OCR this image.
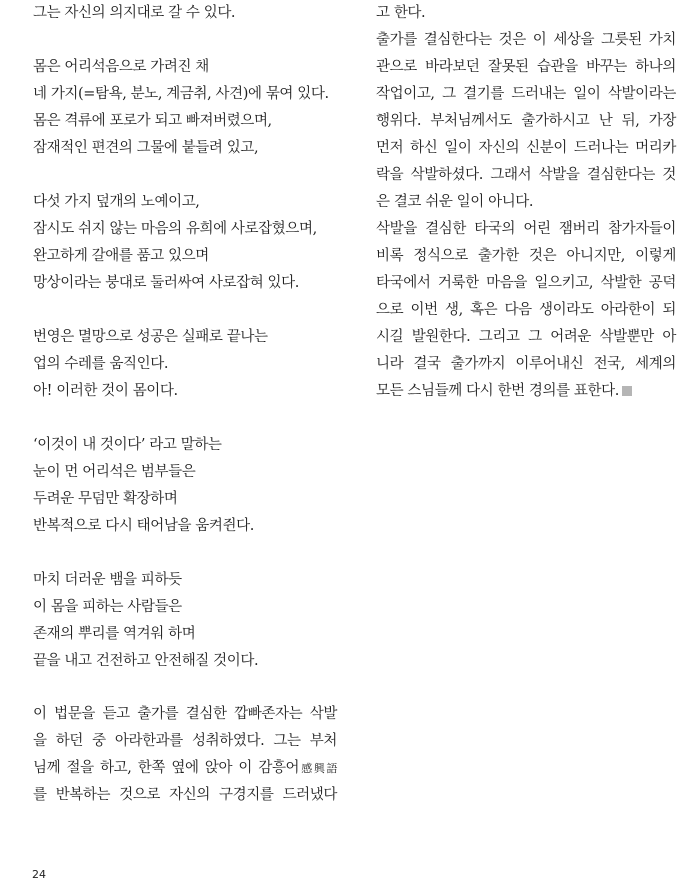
그는 자신의 의지대로 갈 수 있다.
몸은 어리석음으로 가려진 채
네 가지(=탐욕, 분노, 계금취, 사견)에 묶여 있다.
몸은 격류에 포로가 되고 빠져버렸으며,
잠재적인 편견의 그물에 붙들려 있고,
다섯 가지 덮개의 노예이고,
잠시도 쉬지 않는 마음의 유희에 사로잡혔으며,
완고하게 갈애를 품고 있으며
망상이라는 붕대로 둘러싸여 사로잡혀 있다.
번영은 멸망으로 성공은 실패로 끝나는
업의 수레를 움직인다.
아! 이러한 것이 몸이다.
‘이것이 내 것이다’ 라고 말하는
눈이 먼 어리석은 범부들은
두려운 무덤만 확장하며
반복적으로 다시 태어남을 움켜쥔다.
마치 더러운 뱀을 피하듯
이 몸을 피하는 사람들은
존재의 뿌리를 역겨워 하며
끝을 내고 건전하고 안전해질 것이다.
이 법문을 듣고 출가를 결심한 깝빠존자는 삭발
을 하던 중 아라한과를 성취하였다. 그는 부처
님께 절을 하고, 한쪽 옆에 앉아 이 감흥어感興語
를 반복하는 것으로 자신의 구경지를 드러냈다
고 한다.
출가를 결심한다는 것은 이 세상을 그릇된 가치
관으로 바라보던 잘못된 습관을 바꾸는 하나의
작업이고, 그 결기를 드러내는 일이 삭발이라는
행위다. 부처님께서도 출가하시고 난 뒤, 가장
먼저 하신 일이 자신의 신분이 드러나는 머리카
락을 삭발하셨다. 그래서 삭발을 결심한다는 것
은 결코 쉬운 일이 아니다.
삭발을 결심한 타국의 어린 잼버리 참가자들이
비록 정식으로 출가한 것은 아니지만, 이렇게
타국에서 거룩한 마음을 일으키고, 삭발한 공덕
으로 이번 생, 혹은 다음 생이라도 아라한이 되
시길 발원한다. 그리고 그 어려운 삭발뿐만 아
니라 결국 출가까지 이루어내신 전국, 세계의
모든 스님들께 다시 한번 경의를 표한다.
24
